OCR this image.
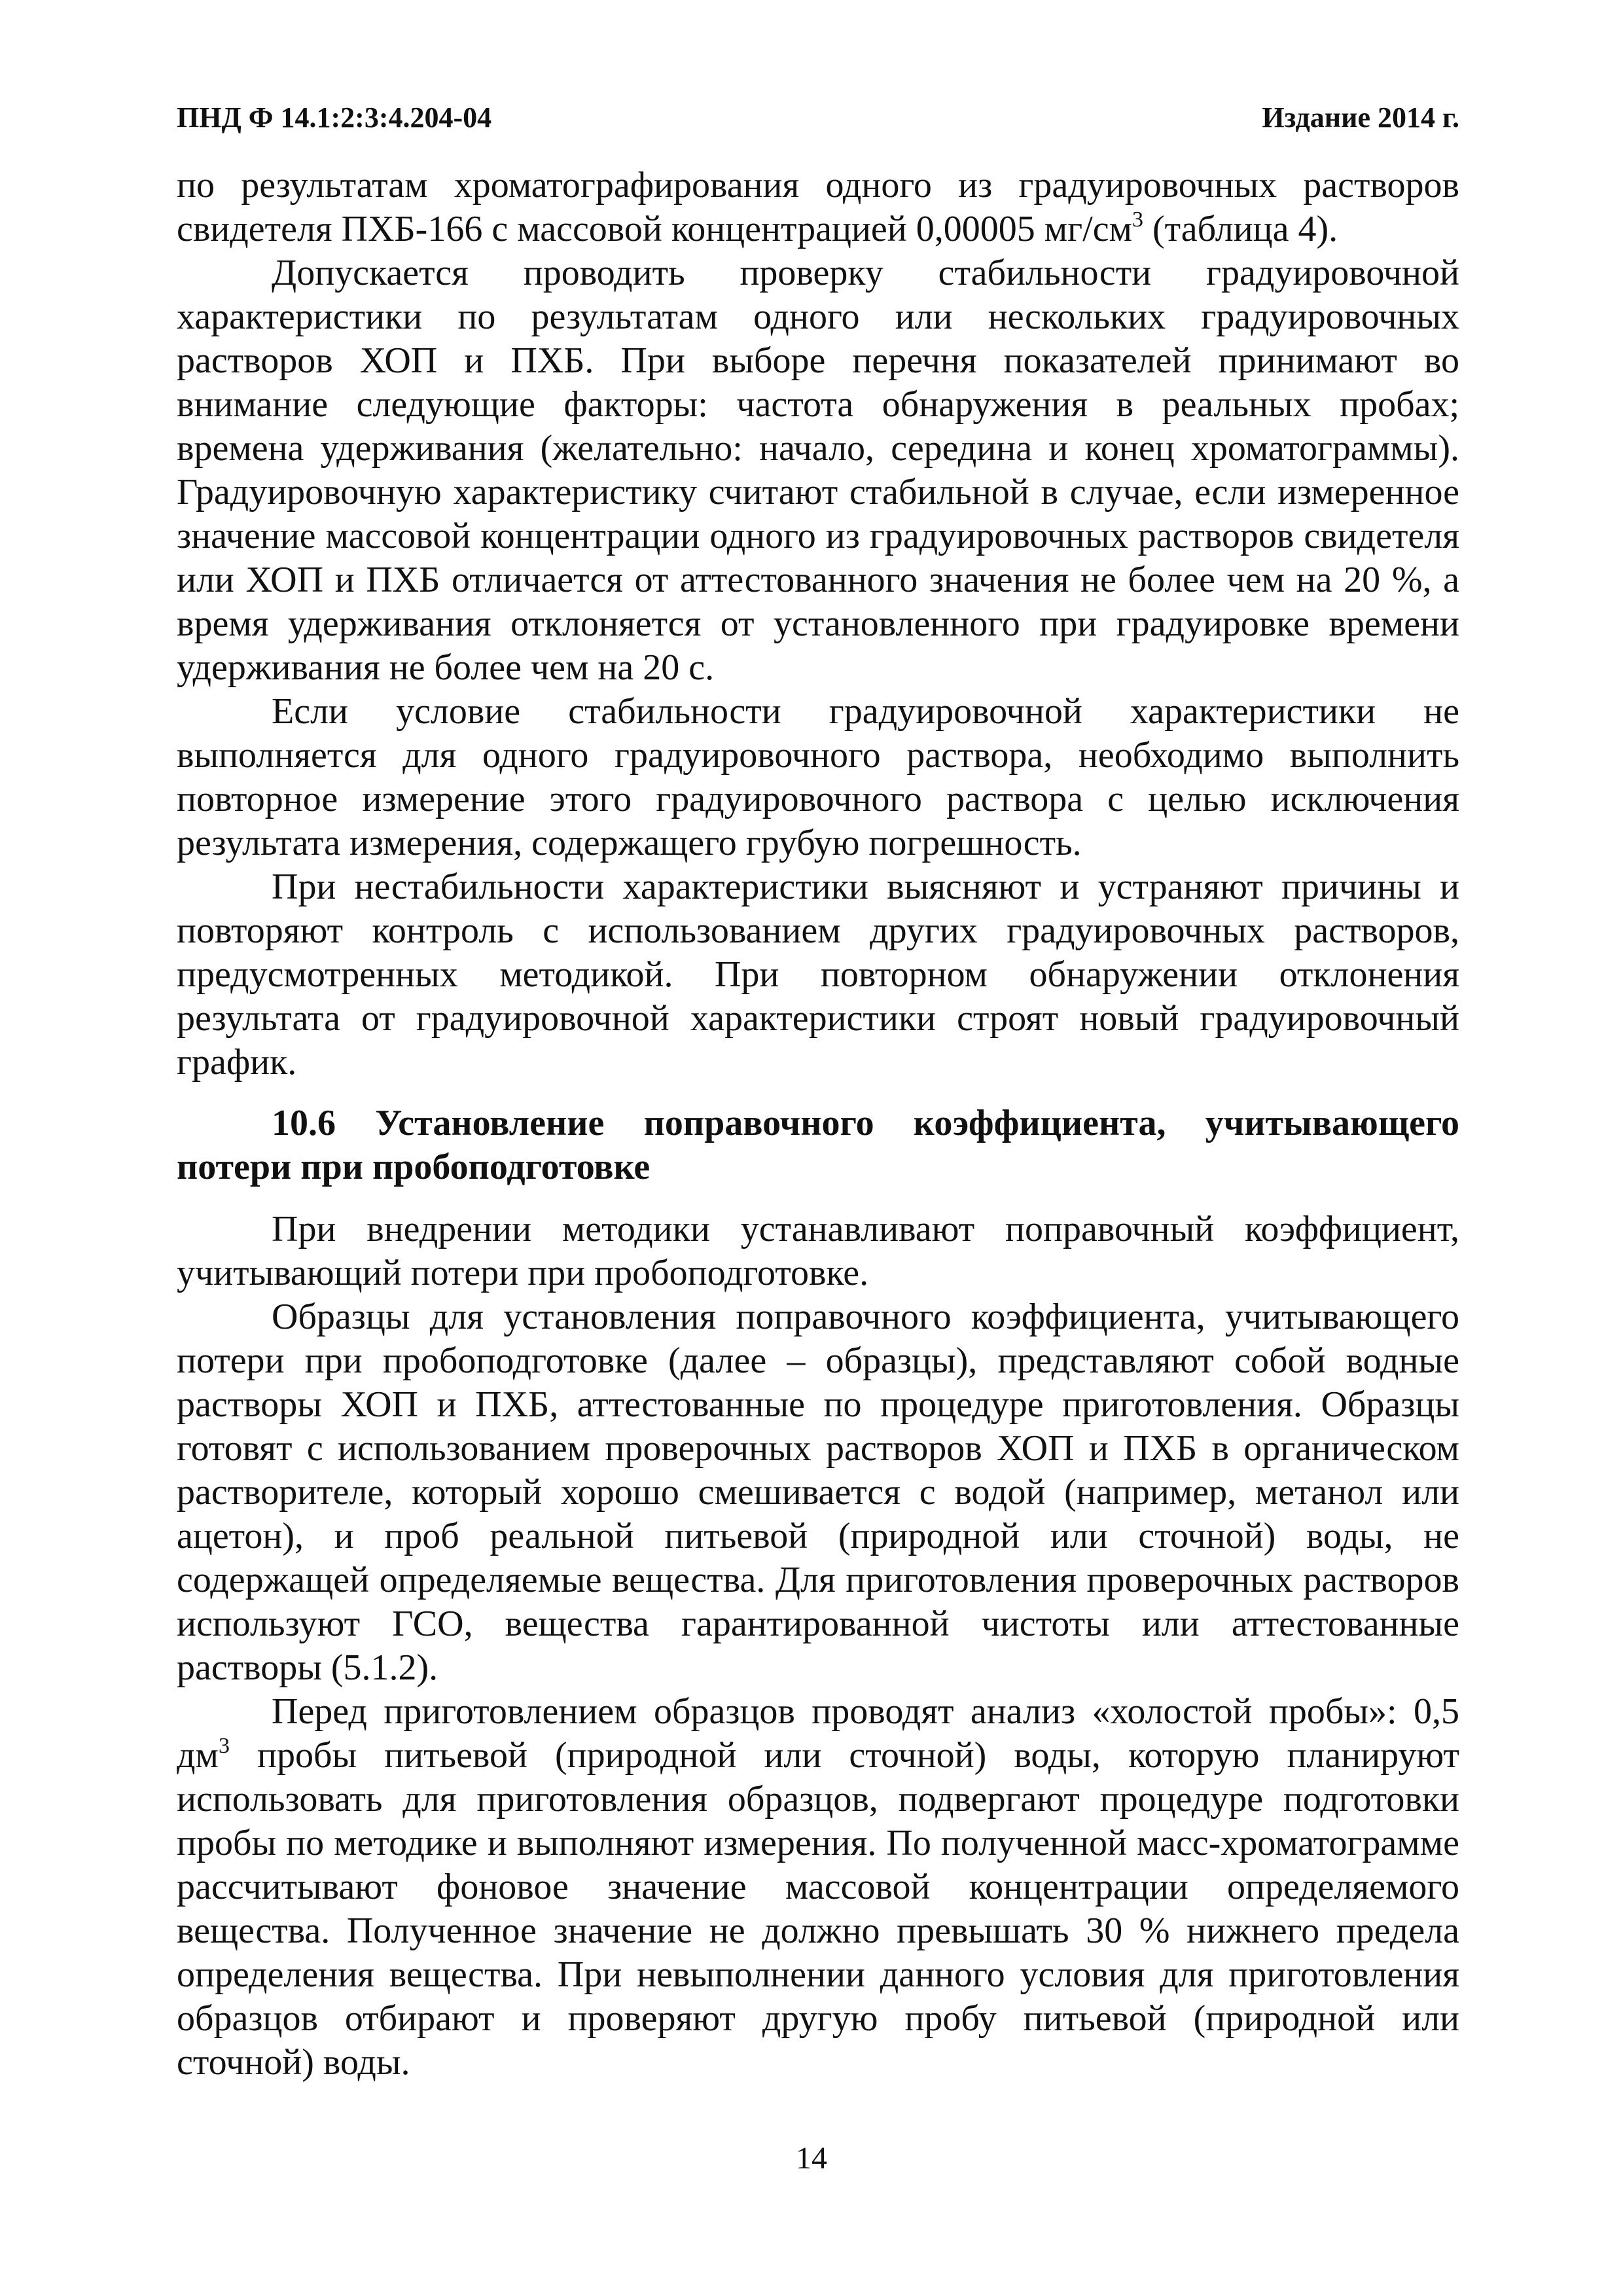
ПНД Ф 14.1:2:3:4.204-04	Издание 2014 г.

по результатам хроматографирования одного из градуировочных растворов свидетеля ПХБ-166 с массовой концентрацией 0,00005 $мг/см^3$ (таблица 4).

Допускается проводить проверку стабильности градуировочной характеристики по результатам одного или нескольких градуировочных растворов ХОП и ПХБ. При выборе перечня показателей принимают во внимание следующие факторы: частота обнаружения в реальных пробах; времена удерживания (желательно: начало, середина и конец хроматограммы). Градуировочную характеристику считают стабильной в случае, если измеренное значение массовой концентрации одного из градуировочных растворов свидетеля или ХОП и ПХБ отличается от аттестованного значения не более чем на 20 %, а время удерживания отклоняется от установленного при градуировке времени удерживания не более чем на 20 с.

Если условие стабильности градуировочной характеристики не выполняется для одного градуировочного раствора, необходимо выполнить повторное измерение этого градуировочного раствора с целью исключения результата измерения, содержащего грубую погрешность.

При нестабильности характеристики выясняют и устраняют причины и повторяют контроль с использованием других градуировочных растворов, предусмотренных методикой. При повторном обнаружении отклонения результата от градуировочной характеристики строят новый градуировочный график.

10.6 Установление поправочного коэффициента, учитывающего потери при пробоподготовке

При внедрении методики устанавливают поправочный коэффициент, учитывающий потери при пробоподготовке.

Образцы для установления поправочного коэффициента, учитывающего потери при пробоподготовке (далее – образцы), представляют собой водные растворы ХОП и ПХБ, аттестованные по процедуре приготовления. Образцы готовят с использованием проверочных растворов ХОП и ПХБ в органическом растворителе, который хорошо смешивается с водой (например, метанол или ацетон), и проб реальной питьевой (природной или сточной) воды, не содержащей определяемые вещества. Для приготовления проверочных растворов используют ГСО, вещества гарантированной чистоты или аттестованные растворы (5.1.2).

Перед приготовлением образцов проводят анализ «холостой пробы»: 0,5 $дм^3$ пробы питьевой (природной или сточной) воды, которую планируют использовать для приготовления образцов, подвергают процедуре подготовки пробы по методике и выполняют измерения. По полученной масс-хроматограмме рассчитывают фоновое значение массовой концентрации определяемого вещества. Полученное значение не должно превышать 30 % нижнего предела определения вещества. При невыполнении данного условия для приготовления образцов отбирают и проверяют другую пробу питьевой (природной или сточной) воды.

14
